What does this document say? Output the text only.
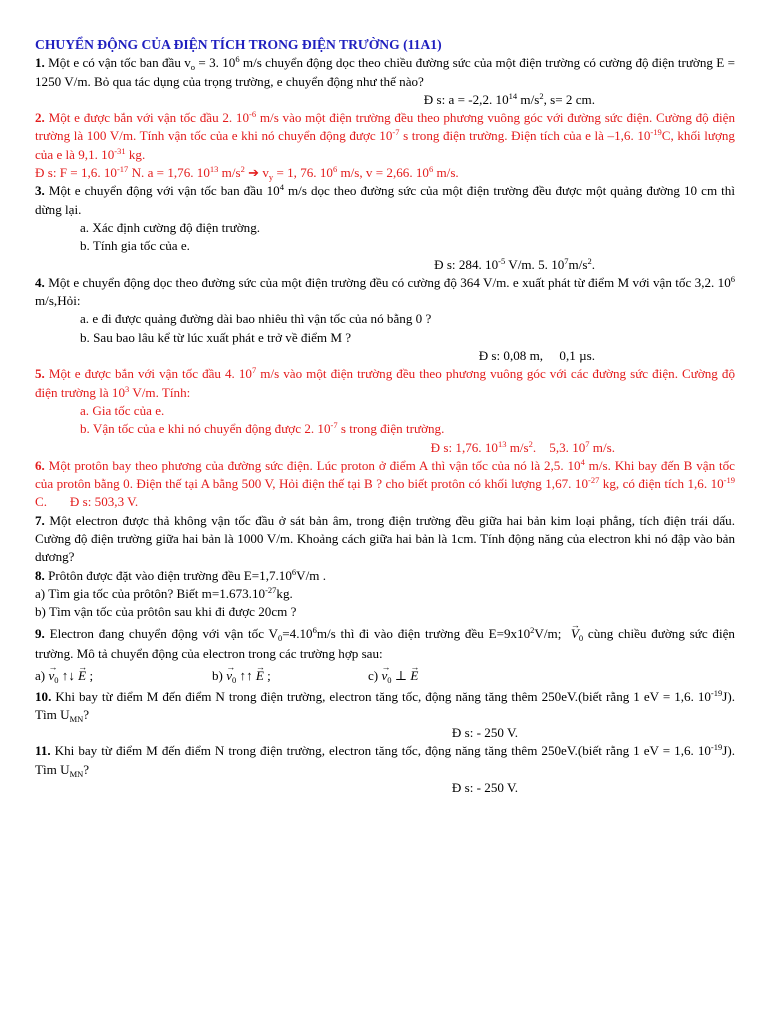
CHUYỂN ĐỘNG CỦA ĐIỆN TÍCH TRONG ĐIỆN TRƯỜNG (11A1)
1. Một e có vận tốc ban đầu $v_o = 3$. $10^6$ m/s chuyển động dọc theo chiều đường sức của một điện trường có cường độ điện trường E = 1250 V/m. Bỏ qua tác dụng của trọng trường, e chuyển động như thế nào?
Đ s: a = -2,2. $10^{14}$ $m/s^2$, s= 2 cm.
2. Một e được bắn với vận tốc đầu 2. $10^{-6}$ m/s vào một điện trường đều theo phương vuông góc với đường sức điện. Cường độ điện trường là 100 V/m. Tính vận tốc của e khi nó chuyển động được $10^{-7}$ s trong điện trường. Điện tích của e là –1,6. $10^{-19}C$, khối lượng của e là 9,1. $10^{-31}$ kg.
Đ s: F = 1,6. $10^{-17}$ N. a = 1,76. $10^{13}$ $m/s^2$ ➔ $v_y = 1$, 76. $10^6$ m/s, v = 2,66. $10^6$ m/s.
3. Một e chuyển động với vận tốc ban đầu $10^4$ m/s dọc theo đường sức của một điện trường đều được một quảng đường 10 cm thì dừng lại.
a. Xác định cường độ điện trường.
b. Tính gia tốc của e.
Đ s: 284. $10^{-5}$ V/m. 5. $10^7m/s^2$.
4. Một e chuyển động dọc theo đường sức của một điện trường đều có cường độ 364 V/m. e xuất phát từ điểm M với vận tốc 3,2. $10^6$ m/s,Hỏi:
a. e đi được quảng đường dài bao nhiêu thì vận tốc của nó bằng 0 ?
b. Sau bao lâu kể từ lúc xuất phát e trở về điểm M ?
Đ s: 0,08 m,     0,1 µs.
5. Một e được bắn với vận tốc đầu 4. $10^7$ m/s vào một điện trường đều theo phương vuông góc với các đường sức điện. Cường độ điện trường là $10^3$ V/m. Tính:
a. Gia tốc của e.
b. Vận tốc của e khi nó chuyển động được 2. $10^{-7}$ s trong điện trường.
Đ s: 1,76. $10^{13}$ $m/s^2$.    5,3. $10^7$ m/s.
6. Một protôn bay theo phương của đường sức điện. Lúc proton ở điểm A thì vận tốc của nó là 2,5. $10^4$ m/s. Khi bay đến B vận tốc của protôn bằng 0. Điện thế tại A bằng 500 V, Hỏi điện thế tại B ? cho biết protôn có khối lượng 1,67. $10^{-27}$ kg, có điện tích 1,6. $10^{-19}$ C.       Đ s: 503,3 V.
7. Một electron được thả không vận tốc đầu ở sát bản âm, trong điện trường đều giữa hai bản kim loại phẳng, tích điện trái dấu. Cường độ điện trường giữa hai bản là 1000 V/m. Khoảng cách giữa hai bản là 1cm. Tính động năng của electron khi nó đập vào bản dương?
8. Prôtôn được đặt vào điện trường đều $E=1,7.10^6V/m$ .
a) Tìm gia tốc của prôtôn? Biết $m=1.673.10^{-27}kg$.
b) Tìm vận tốc của prôtôn sau khi đi được 20cm ?
9. Electron đang chuyển động với vận tốc $V_0=4.10^6m/s$ thì đi vào điện trường đều $E=9x10^2V/m$;  → $V_0$ cùng chiều đường sức điện trường. Mô tả chuyển động của electron trong các trường hợp sau:
$a) \to v_0$ ↑↓ → E ;	$b) \to v_0$ ↑↑ → E ;	$c) \to v_0$ ⊥ → E
10. Khi bay từ điểm M đến điểm N trong điện trường, electron tăng tốc, động năng tăng thêm 250eV.(biết rằng 1 eV = 1,6. $10^{-19}J$). Tìm $U_{MN}$?
Đ s: - 250 V.
11. Khi bay từ điểm M đến điểm N trong điện trường, electron tăng tốc, động năng tăng thêm 250eV.(biết rằng 1 eV = 1,6. $10^{-19}J$). Tìm $U_{MN}$?
Đ s: - 250 V.
